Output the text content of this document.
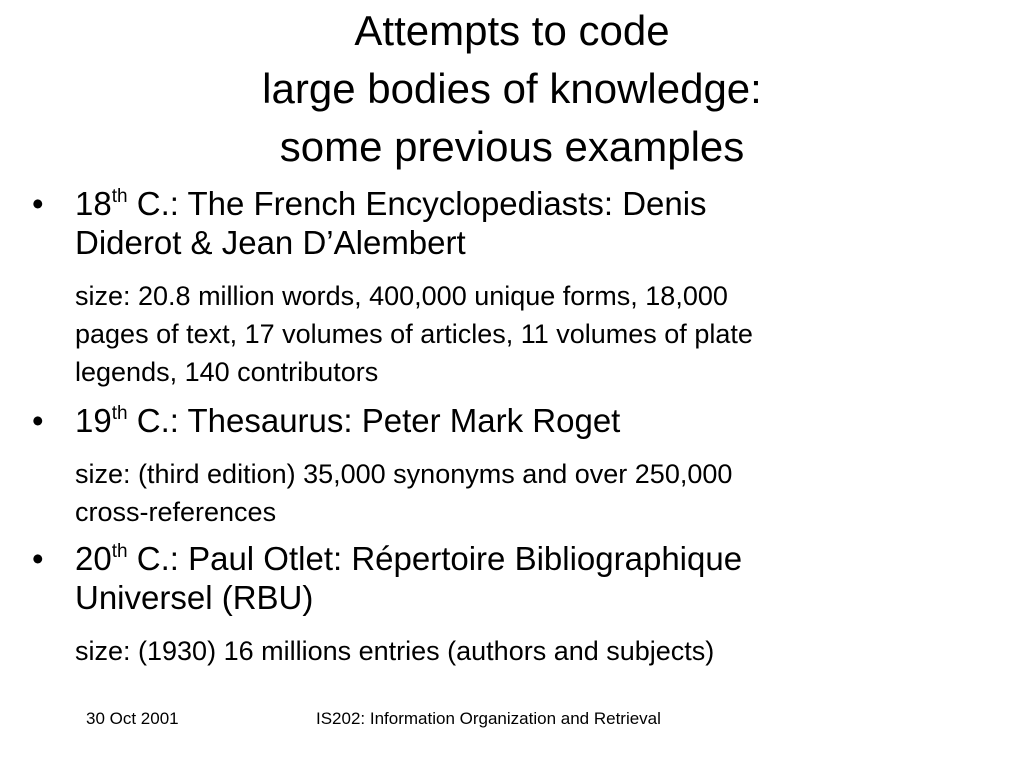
Attempts to code
large bodies of knowledge:
some previous examples
• 18th C.: The French Encyclopediasts: Denis
Diderot & Jean D’Alembert
size: 20.8 million words, 400,000 unique forms, 18,000
pages of text, 17 volumes of articles, 11 volumes of plate
legends, 140 contributors
• 19th C.: Thesaurus: Peter Mark Roget
size: (third edition) 35,000 synonyms and over 250,000
cross-references
• 20th C.: Paul Otlet: Répertoire Bibliographique
Universel (RBU)
size: (1930) 16 millions entries (authors and subjects)
30 Oct 2001	IS202: Information Organization and Retrieval
